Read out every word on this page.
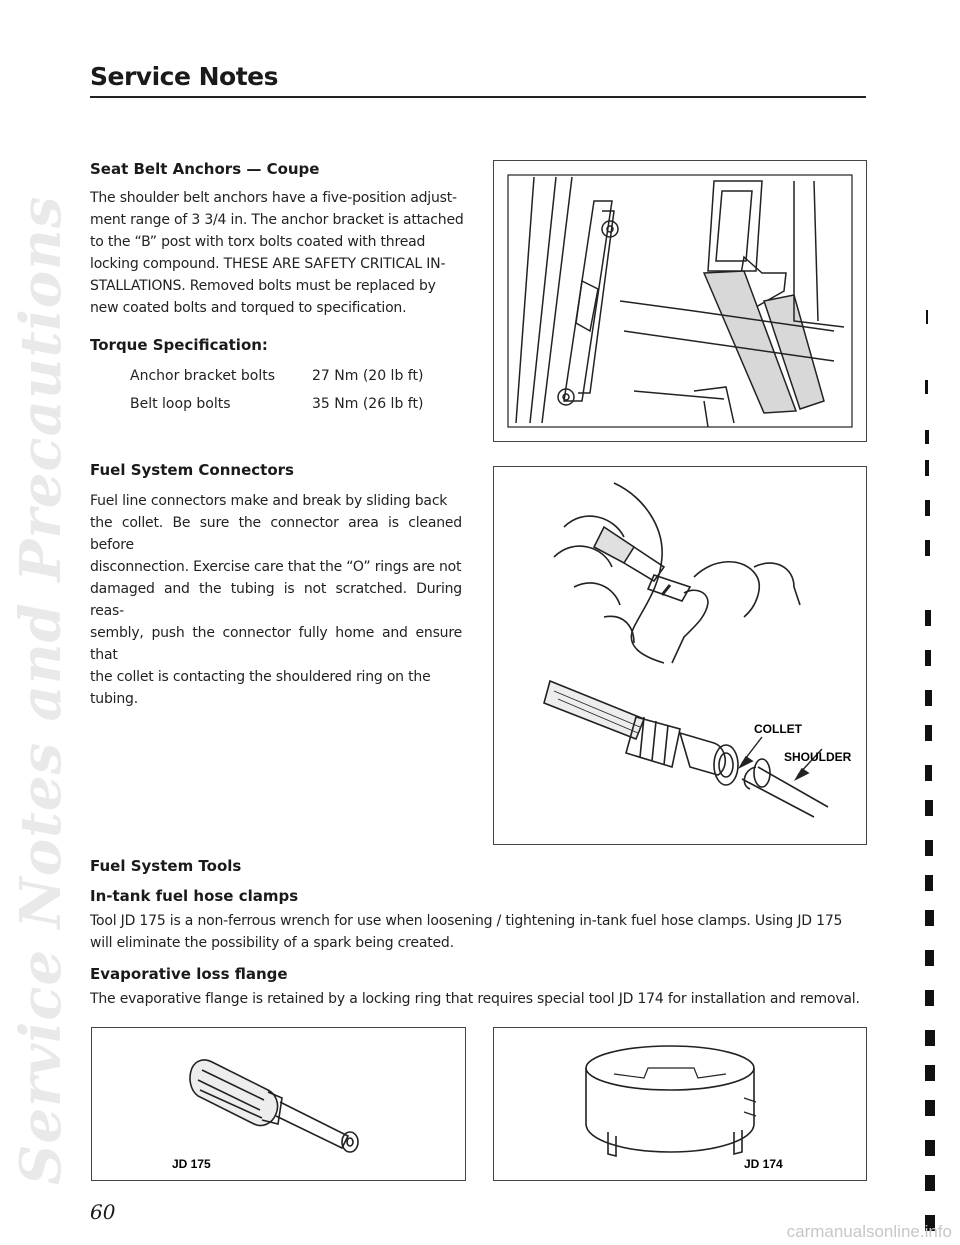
Service Notes and Precautions
Service Notes
Seat Belt Anchors — Coupe
The shoulder belt anchors have a five-position adjust-
ment range of 3 3/4 in. The anchor bracket is attached
to the “B” post with torx bolts coated with thread
locking compound. THESE ARE SAFETY CRITICAL IN-
STALLATIONS. Removed bolts must be replaced by
new coated bolts and torqued to specification.
Torque Specification:
Anchor bracket bolts	27 Nm (20 lb ft)
Belt loop bolts	35 Nm (26 lb ft)
Fuel System Connectors
Fuel line connectors make and break by sliding back
the collet. Be sure the connector area is cleaned before
disconnection. Exercise care that the “O” rings are not
damaged and the tubing is not scratched. During reas-
sembly, push the connector fully home and ensure that
the collet is contacting the shouldered ring on the
tubing.
COLLET
SHOULDER
Fuel System Tools
In-tank fuel hose clamps
Tool JD 175 is a non-ferrous wrench for use when loosening / tightening in-tank fuel hose clamps. Using JD 175
will eliminate the possibility of a spark being created.
Evaporative loss flange
The evaporative flange is retained by a locking ring that requires special tool JD 174 for installation and removal.
JD 175	JD 174
60
carmanualsonline.info
